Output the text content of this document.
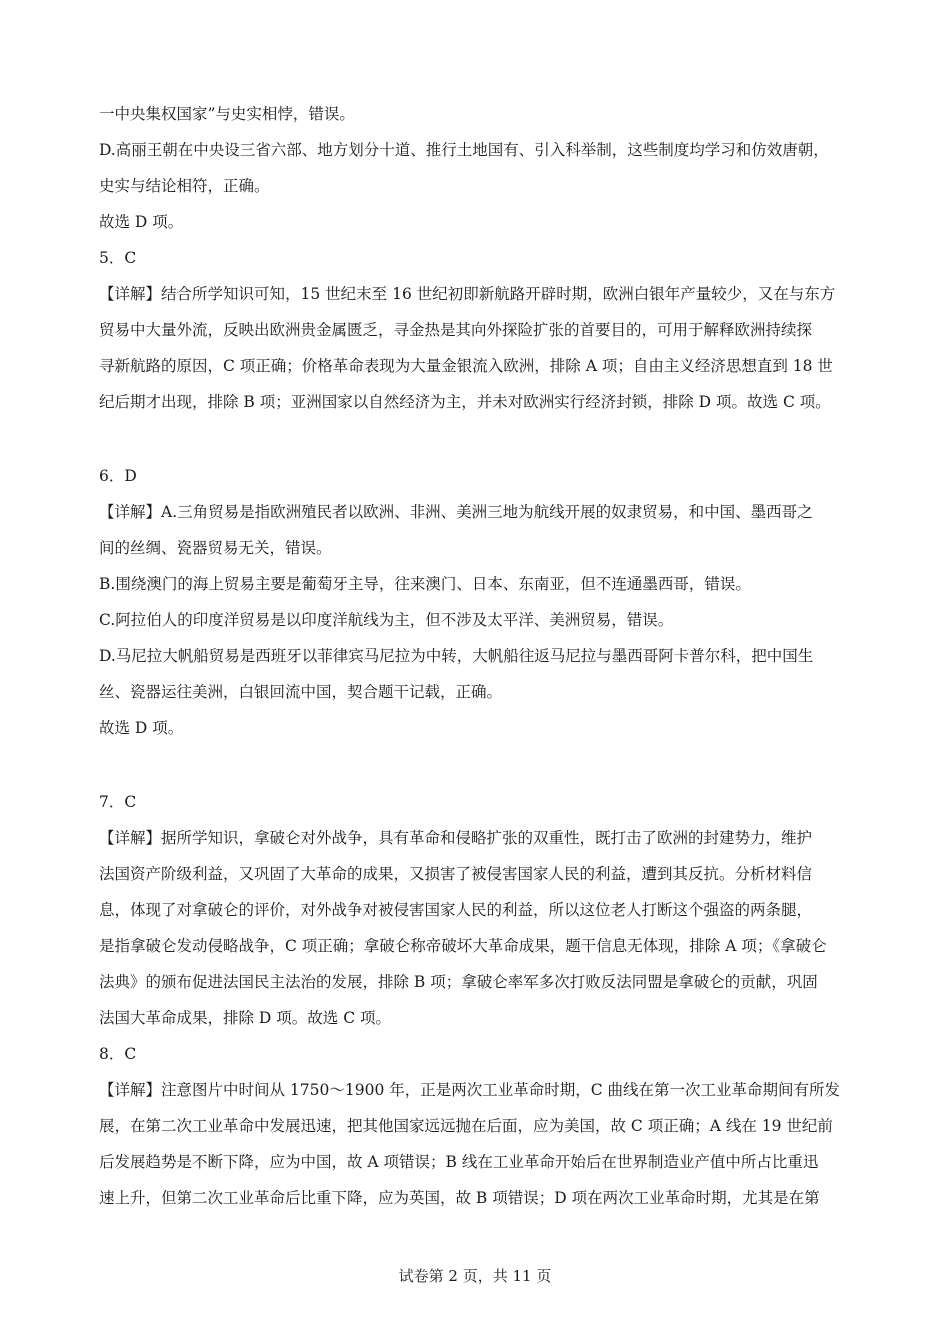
一中央集权国家”与史实相悖，错误。
D.高丽王朝在中央设三省六部、地方划分十道、推行土地国有、引入科举制，这些制度均学习和仿效唐朝，
史实与结论相符，正确。
故选 D 项。
5．C
【详解】结合所学知识可知，15 世纪末至 16 世纪初即新航路开辟时期，欧洲白银年产量较少，又在与东方
贸易中大量外流，反映出欧洲贵金属匮乏，寻金热是其向外探险扩张的首要目的，可用于解释欧洲持续探
寻新航路的原因，C 项正确；价格革命表现为大量金银流入欧洲，排除 A 项；自由主义经济思想直到 18 世
纪后期才出现，排除 B 项；亚洲国家以自然经济为主，并未对欧洲实行经济封锁，排除 D 项。故选 C 项。
6．D
【详解】A.三角贸易是指欧洲殖民者以欧洲、非洲、美洲三地为航线开展的奴隶贸易，和中国、墨西哥之
间的丝绸、瓷器贸易无关，错误。
B.围绕澳门的海上贸易主要是葡萄牙主导，往来澳门、日本、东南亚，但不连通墨西哥，错误。
C.阿拉伯人的印度洋贸易是以印度洋航线为主，但不涉及太平洋、美洲贸易，错误。
D.马尼拉大帆船贸易是西班牙以菲律宾马尼拉为中转，大帆船往返马尼拉与墨西哥阿卡普尔科，把中国生
丝、瓷器运往美洲，白银回流中国，契合题干记载，正确。
故选 D 项。
7．C
【详解】据所学知识，拿破仑对外战争，具有革命和侵略扩张的双重性，既打击了欧洲的封建势力，维护
法国资产阶级利益，又巩固了大革命的成果，又损害了被侵害国家人民的利益，遭到其反抗。分析材料信
息，体现了对拿破仑的评价，对外战争对被侵害国家人民的利益，所以这位老人打断这个强盗的两条腿，
是指拿破仑发动侵略战争，C 项正确；拿破仑称帝破坏大革命成果，题干信息无体现，排除 A 项；《拿破仑
法典》的颁布促进法国民主法治的发展，排除 B 项；拿破仑率军多次打败反法同盟是拿破仑的贡献，巩固
法国大革命成果，排除 D 项。故选 C 项。
8．C
【详解】注意图片中时间从 1750～1900 年，正是两次工业革命时期，C 曲线在第一次工业革命期间有所发
展，在第二次工业革命中发展迅速，把其他国家远远抛在后面，应为美国，故 C 项正确；A 线在 19 世纪前
后发展趋势是不断下降，应为中国，故 A 项错误；B 线在工业革命开始后在世界制造业产值中所占比重迅
速上升，但第二次工业革命后比重下降，应为英国，故 B 项错误；D 项在两次工业革命时期，尤其是在第
试卷第 2 页，共 11 页
